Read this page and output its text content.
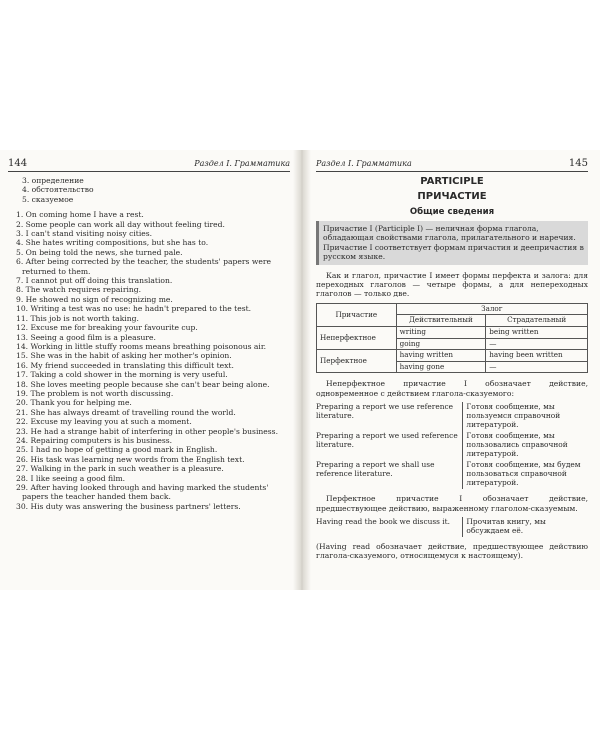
144	Раздел I. Грамматика
3. определение
4. обстоятельство
5. сказуемое
1. On coming home I have a rest.
2. Some people can work all day without feeling tired.
3. I can't stand visiting noisy cities.
4. She hates writing compositions, but she has to.
5. On being told the news, she turned pale.
6. After being corrected by the teacher, the students' papers were returned to them.
7. I cannot put off doing this translation.
8. The watch requires repairing.
9. He showed no sign of recognizing me.
10. Writing a test was no use: he hadn't prepared to the test.
11. This job is not worth taking.
12. Excuse me for breaking your favourite cup.
13. Seeing a good film is a pleasure.
14. Working in little stuffy rooms means breathing poisonous air.
15. She was in the habit of asking her mother's opinion.
16. My friend succeeded in translating this difficult text.
17. Taking a cold shower in the morning is very useful.
18. She loves meeting people because she can't bear being alone.
19. The problem is not worth discussing.
20. Thank you for helping me.
21. She has always dreamt of travelling round the world.
22. Excuse my leaving you at such a moment.
23. He had a strange habit of interfering in other people's business.
24. Repairing computers is his business.
25. I had no hope of getting a good mark in English.
26. His task was learning new words from the English text.
27. Walking in the park in such weather is a pleasure.
28. I like seeing a good film.
29. After having looked through and having marked the students' papers the teacher handed them back.
30. His duty was answering the business partners' letters.
Раздел I. Грамматика	145
PARTICIPLE
ПРИЧАСТИЕ
Общие сведения
Причастие I (Participle I) — неличная форма глагола, обладающая свойствами глагола, прилагательного и наречия. Причастие I соответствует формам причастия и деепричастия в русском языке.

Как и глагол, причастие I имеет формы перфекта и залога: для переходных глаголов — четыре формы, а для непереходных глаголов — только две.

Причастие	Залог	
	Действительный	Страдательный
Неперфектное	writing	being written
	going	—
Перфектное	having written	having been written
	having gone	—

Неперфектное причастие I обозначает действие, одновременное с действием глагола-сказуемого:

Preparing a report we use reference literature.	Готовя сообщение, мы пользуемся справочной литературой.
Preparing a report we used reference literature.	Готовя сообщение, мы пользовались справочной литературой.
Preparing a report we shall use reference literature.	Готовя сообщение, мы будем пользоваться справочной литературой.

Перфектное причастие I обозначает действие, предшествующее действию, выраженному глаголом-сказуемым.

Having read the book we discuss it.	Прочитав книгу, мы обсуждаем её.

(Having read обозначает действие, предшествующее действию глагола-сказуемого, относящемуся к настоящему).
